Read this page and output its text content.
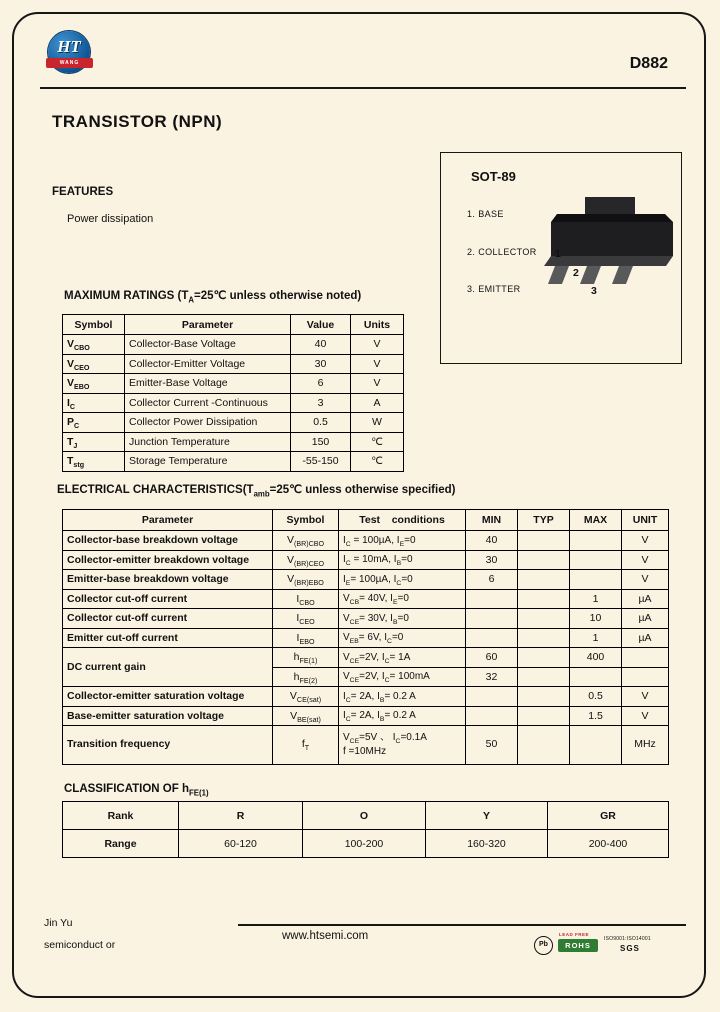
HT
WANG	D882
TRANSISTOR (NPN)
FEATURES
Power dissipation
SOT-89
1. BASE
2. COLLECTOR
3. EMITTER
1
2
3
MAXIMUM RATINGS ($T_A=25℃$ unless otherwise noted)
Symbol	Parameter	Value	Units
$V_{CBO}$	Collector-Base Voltage	40	V
$V_{CEO}$	Collector-Emitter Voltage	30	V
$V_{EBO}$	Emitter-Base Voltage	6	V
$I_C$	Collector Current -Continuous	3	A
$P_C$	Collector Power Dissipation	0.5	W
$T_J$	Junction Temperature	150	℃
$T_{stg}$	Storage Temperature	-55-150	℃
ELECTRICAL $CHARACTERISTICS(T_{amb}=25℃$ unless otherwise specified)
Parameter	Symbol	Test    conditions	MIN	TYP	MAX	UNIT
Collector-base breakdown voltage	$V_{(BR)CBO}$	$I_C = 100\mu A$, $I_E=0$	40			V
Collector-emitter breakdown voltage	$V_{(BR)CEO}$	$I_C = 10mA$, $I_B=0$	30			V
Emitter-base breakdown voltage	$V_{(BR)EBO}$	$I_E= 100\mu A$, $I_C=0$	6			V
Collector cut-off current	$I_{CBO}$	$V_{CB}= 40V$, $I_E=0$			1	µA
Collector cut-off current	$I_{CEO}$	$V_{CE}= 30V$, $I_B=0$			10	µA
Emitter cut-off current	$I_{EBO}$	$V_{EB}= 6V$, $I_C=0$			1	µA
DC current gain	$h_{FE(1)}$	$V_{CE}=2V$, $I_C= 1A$	60		400	
	$h_{FE(2)}$	$V_{CE}=2V$, $I_C= 100mA$	32			
Collector-emitter saturation voltage	$V_{CE(sat)}$	$I_C= 2A$, $I_B= 0.2$ A			0.5	V
Base-emitter saturation voltage	$V_{BE(sat)}$	$I_C= 2A$, $I_B= 0.2$ A			1.5	V
Transition frequency	$f_T$	$V_{CE}=5V$ 、 $I_C=0.1A$
f =10MHz	50			MHz
CLASSIFICATION OF $h_{FE(1)}$
Rank	R	O	Y	GR
Range	60-120	100-200	160-320	200-400
Jin Yu
semiconduct or
www.htsemi.com
Pb
LEAD FREE
ROHS
ISO9001:ISO14001
SGS
